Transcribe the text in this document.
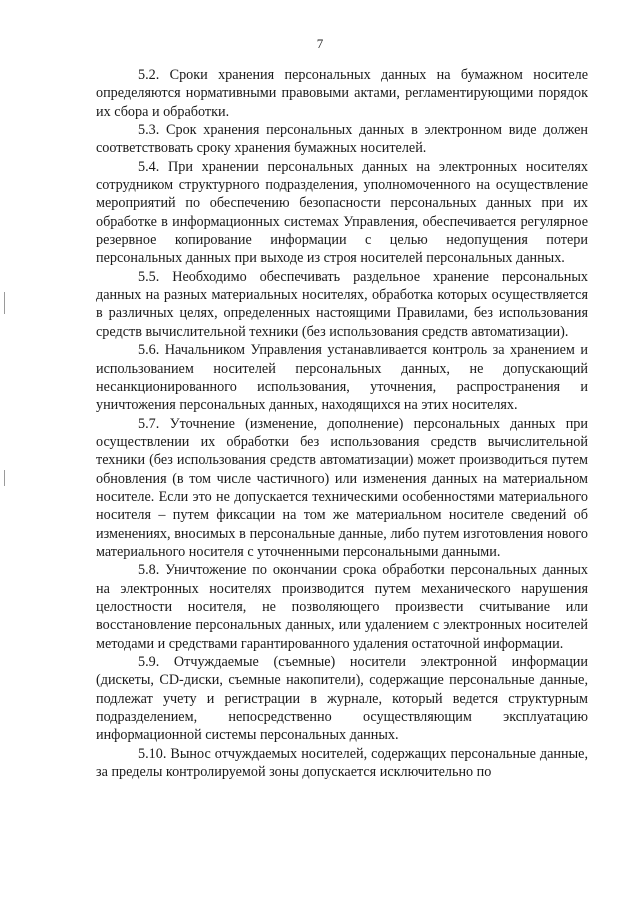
7

5.2. Сроки хранения персональных данных на бумажном носителе определяются нормативными правовыми актами, регламентирующими порядок их сбора и обработки.

5.3. Срок хранения персональных данных в электронном виде должен соответствовать сроку хранения бумажных носителей.

5.4. При хранении персональных данных на электронных носителях сотрудником структурного подразделения, уполномоченного на осуществление мероприятий по обеспечению безопасности персональных данных при их обработке в информационных системах Управления, обеспечивается регулярное резервное копирование информации с целью недопущения потери персональных данных при выходе из строя носителей персональных данных.

5.5. Необходимо обеспечивать раздельное хранение персональных данных на разных материальных носителях, обработка которых осуществляется в различных целях, определенных настоящими Правилами, без использования средств вычислительной техники (без использования средств автоматизации).

5.6. Начальником Управления устанавливается контроль за хранением и использованием носителей персональных данных, не допускающий несанкционированного использования, уточнения, распространения и уничтожения персональных данных, находящихся на этих носителях.

5.7. Уточнение (изменение, дополнение) персональных данных при осуществлении их обработки без использования средств вычислительной техники (без использования средств автоматизации) может производиться путем обновления (в том числе частичного) или изменения данных на материальном носителе. Если это не допускается техническими особенностями материального носителя – путем фиксации на том же материальном носителе сведений об изменениях, вносимых в персональные данные, либо путем изготовления нового материального носителя с уточненными персональными данными.

5.8. Уничтожение по окончании срока обработки персональных данных на электронных носителях производится путем механического нарушения целостности носителя, не позволяющего произвести считывание или восстановление персональных данных, или удалением с электронных носителей методами и средствами гарантированного удаления остаточной информации.

5.9. Отчуждаемые (съемные) носители электронной информации (дискеты, CD-диски, съемные накопители), содержащие персональные данные, подлежат учету и регистрации в журнале, который ведется структурным подразделением, непосредственно осуществляющим эксплуатацию информационной системы персональных данных.

5.10. Вынос отчуждаемых носителей, содержащих персональные данные, за пределы контролируемой зоны допускается исключительно по
